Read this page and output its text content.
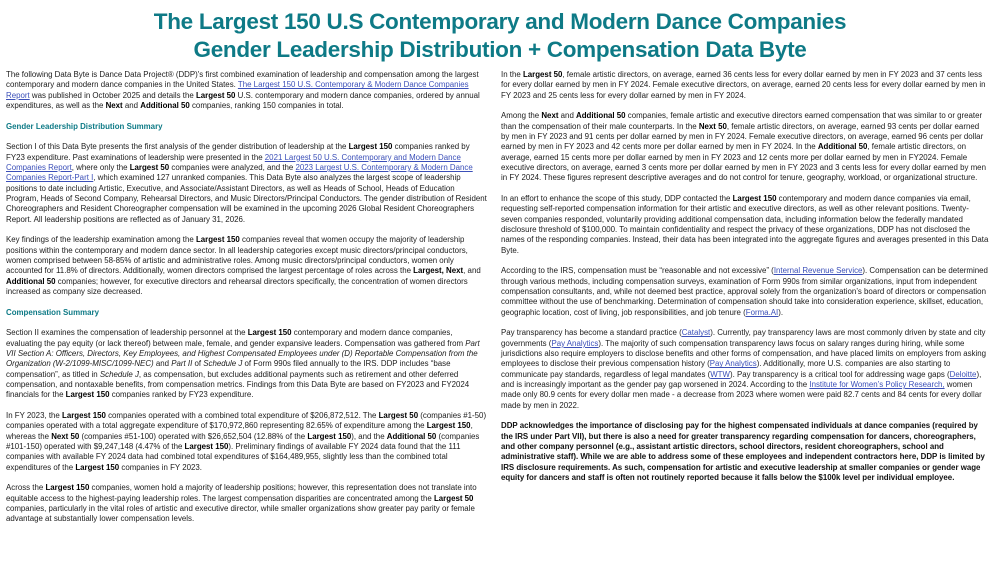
The Largest 150 U.S Contemporary and Modern Dance Companies
Gender Leadership Distribution + Compensation Data Byte

The following Data Byte is Dance Data Project® (DDP)'s first combined examination of leadership and compensation among the largest contemporary and modern dance companies in the United States. The Largest 150 U.S. Contemporary & Modern Dance Companies Report was published in October 2025 and details the Largest 50 U.S. contemporary and modern dance companies, ordered by annual expenditures, as well as the Next and Additional 50 companies, ranking 150 companies in total.

Gender Leadership Distribution Summary

Section I of this Data Byte presents the first analysis of the gender distribution of leadership at the Largest 150 companies ranked by FY23 expenditure. Past examinations of leadership were presented in the 2021 Largest 50 U.S. Contemporary and Modern Dance Companies Report, where only the Largest 50 companies were analyzed, and the 2023 Largest U.S. Contemporary & Modern Dance Companies Report-Part I, which examined 127 unranked companies. This Data Byte also analyzes the largest scope of leadership positions to date including Artistic, Executive, and Associate/Assistant Directors, as well as Heads of School, Heads of Education Program, Heads of Second Company, Rehearsal Directors, and Music Directors/Principal Conductors. The gender distribution of Resident Choreographers and Resident Choreographer compensation will be examined in the upcoming 2026 Global Resident Choreographers Report. All leadership positions are reflected as of January 31, 2026.

Key findings of the leadership examination among the Largest 150 companies reveal that women occupy the majority of leadership positions within the contemporary and modern dance sector. In all leadership categories except music directors/principal conductors, women comprised between 58-85% of artistic and administrative roles. Among music directors/principal conductors, women only accounted for 11.8% of directors. Additionally, women directors comprised the largest percentage of roles across the Largest, Next, and Additional 50 companies; however, for executive directors and rehearsal directors specifically, the concentration of women directors increased as company size decreased.

Compensation Summary

Section II examines the compensation of leadership personnel at the Largest 150 contemporary and modern dance companies, evaluating the pay equity (or lack thereof) between male, female, and gender expansive leaders. Compensation was gathered from Part VII Section A: Officers, Directors, Key Employees, and Highest Compensated Employees under (D) Reportable Compensation from the Organization (W-2/1099-MISC/1099-NEC) and Part II of Schedule J of Form 990s filed annually to the IRS. DDP includes “base compensation”, as titled in Schedule J, as compensation, but excludes additional payments such as retirement and other deferred compensation, and nontaxable benefits, from compensation metrics. Findings from this Data Byte are based on FY2023 and FY2024 financials for the Largest 150 companies ranked by FY23 expenditure.

In FY 2023, the Largest 150 companies operated with a combined total expenditure of $206,872,512. The Largest 50 (companies #1-50) companies operated with a total aggregate expenditure of $170,972,860 representing 82.65% of expenditure among the Largest 150, whereas the Next 50 (companies #51-100) operated with $26,652,504 (12.88% of the Largest 150), and the Additional 50 (companies #101-150) operated with $9,247,148 (4.47% of the Largest 150). Preliminary findings of available FY 2024 data found that the 111 companies with available FY 2024 data had combined total expenditures of $164,489,955, slightly less than the combined total expenditures of the Largest 150 companies in FY 2023.

Across the Largest 150 companies, women hold a majority of leadership positions; however, this representation does not translate into equitable access to the highest-paying leadership roles. The largest compensation disparities are concentrated among the Largest 50 companies, particularly in the vital roles of artistic and executive director, while smaller organizations show greater pay parity or female advantage at substantially lower compensation levels.

In the Largest 50, female artistic directors, on average, earned 36 cents less for every dollar earned by men in FY 2023 and 37 cents less for every dollar earned by men in FY 2024. Female executive directors, on average, earned 20 cents less for every dollar earned by men in FY 2023 and 25 cents less for every dollar earned by men in FY 2024.

Among the Next and Additional 50 companies, female artistic and executive directors earned compensation that was similar to or greater than the compensation of their male counterparts. In the Next 50, female artistic directors, on average, earned 93 cents per dollar earned by men in FY 2023 and 91 cents per dollar earned by men in FY 2024. Female executive directors, on average, earned 96 cents per dollar earned by men in FY 2023 and 42 cents more per dollar earned by men in FY 2024. In the Additional 50, female artistic directors, on average, earned 15 cents more per dollar earned by men in FY 2023 and 12 cents more per dollar earned by men in FY2024. Female executive directors, on average, earned 3 cents more per dollar earned by men in FY 2023 and 3 cents less for every dollar earned by men in FY 2024. These figures represent descriptive averages and do not control for tenure, geography, workload, or organizational structure.

In an effort to enhance the scope of this study, DDP contacted the Largest 150 contemporary and modern dance companies via email, requesting self-reported compensation information for their artistic and executive directors, as well as other relevant positions. Twenty-seven companies responded, voluntarily providing additional compensation data, including information below the federally mandated disclosure threshold of $100,000. To maintain confidentiality and respect the privacy of these organizations, DDP has not disclosed the names of the responding companies. Instead, their data has been integrated into the aggregate figures and averages presented in this Data Byte.

According to the IRS, compensation must be “reasonable and not excessive” (Internal Revenue Service). Compensation can be determined through various methods, including compensation surveys, examination of Form 990s from similar organizations, input from independent compensation consultants, and, while not deemed best practice, approval solely from the organization’s board of directors or compensation committee without the use of benchmarking. Determination of compensation should take into consideration experience, skillset, education, geographic location, cost of living, job responsibilities, and job tenure (Forma.AI).

Pay transparency has become a standard practice (Catalyst). Currently, pay transparency laws are most commonly driven by state and city governments (Pay Analytics). The majority of such compensation transparency laws focus on salary ranges during hiring, while some jurisdictions also require employers to disclose benefits and other forms of compensation, and have placed limits on employers from asking employees to disclose their previous compensation history (Pay Analytics). Additionally, more U.S. companies are also starting to communicate pay standards, regardless of legal mandates (WTW). Pay transparency is a critical tool for addressing wage gaps (Deloitte), and is increasingly important as the gender pay gap worsened in 2024. According to the Institute for Women’s Policy Research, women made only 80.9 cents for every dollar men made - a decrease from 2023 where women were paid 82.7 cents and 84 cents for every dollar made by men in 2022.

DDP acknowledges the importance of disclosing pay for the highest compensated individuals at dance companies (required by the IRS under Part VII), but there is also a need for greater transparency regarding compensation for dancers, choreographers, and other company personnel (e.g., assistant artistic directors, school directors, resident choreographers, school and administrative staff). While we are able to address some of these employees and independent contractors here, DDP is limited by IRS disclosure requirements. As such, compensation for artistic and executive leadership at smaller companies or gender wage equity for dancers and staff is often not routinely reported because it falls below the $100k level per individual employee.
